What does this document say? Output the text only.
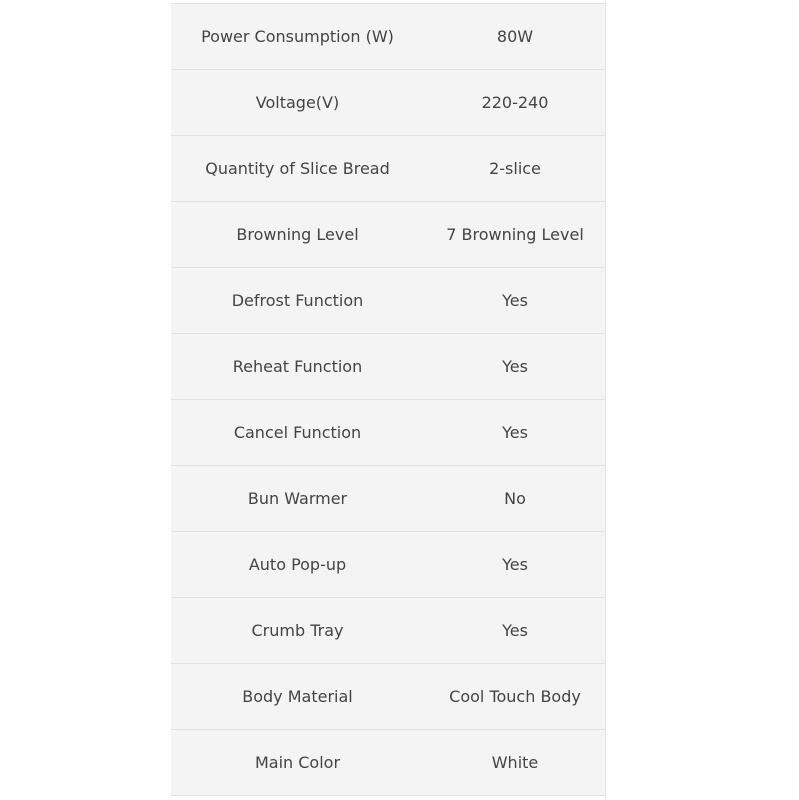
Power Consumption (W)	80W
Voltage(V)	220-240
Quantity of Slice Bread	2-slice
Browning Level	7 Browning Level
Defrost Function	Yes
Reheat Function	Yes
Cancel Function	Yes
Bun Warmer	No
Auto Pop-up	Yes
Crumb Tray	Yes
Body Material	Cool Touch Body
Main Color	White
